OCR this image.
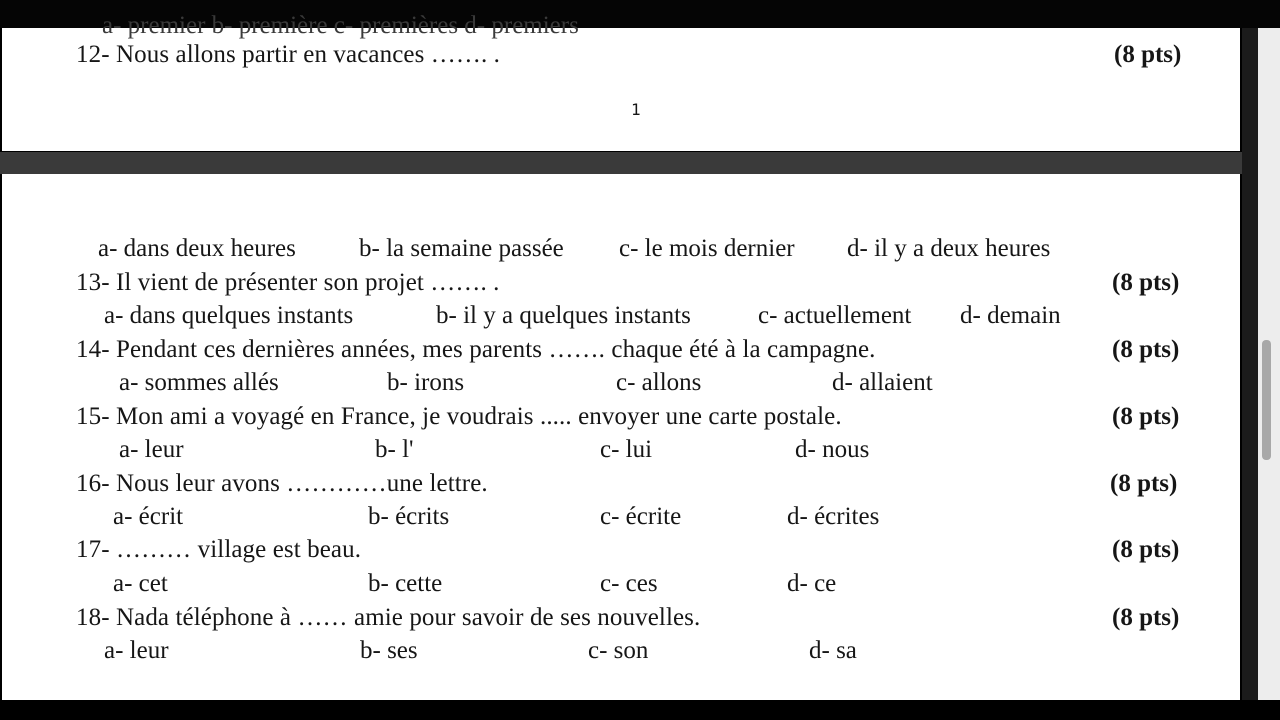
a- premier b- première c- premières d- premiers
12- Nous allons partir en vacances ……. .	(8 pts)
1
a- dans deux heures	b- la semaine passée c- le mois dernier d- il y a deux heures
13- Il vient de présenter son projet ……. .	(8 pts)
a- dans quelques instants	b- il y a quelques instants	c- actuellement d- demain
14- Pendant ces dernières années, mes parents ……. chaque été à la campagne.	(8 pts)
a- sommes allés	b- irons	c- allons	d- allaient
15- Mon ami a voyagé en France, je voudrais ..... envoyer une carte postale.	(8 pts)
a- leur	b- l'	c- lui	d- nous
16- Nous leur avons …………une lettre.	(8 pts)
a- écrit	b- écrits	c- écrite	d- écrites
17- ……… village est beau.	(8 pts)
a- cet	b- cette	c- ces	d- ce
18- Nada téléphone à …… amie pour savoir de ses nouvelles.	(8 pts)
a- leur	b- ses	c- son	d- sa
